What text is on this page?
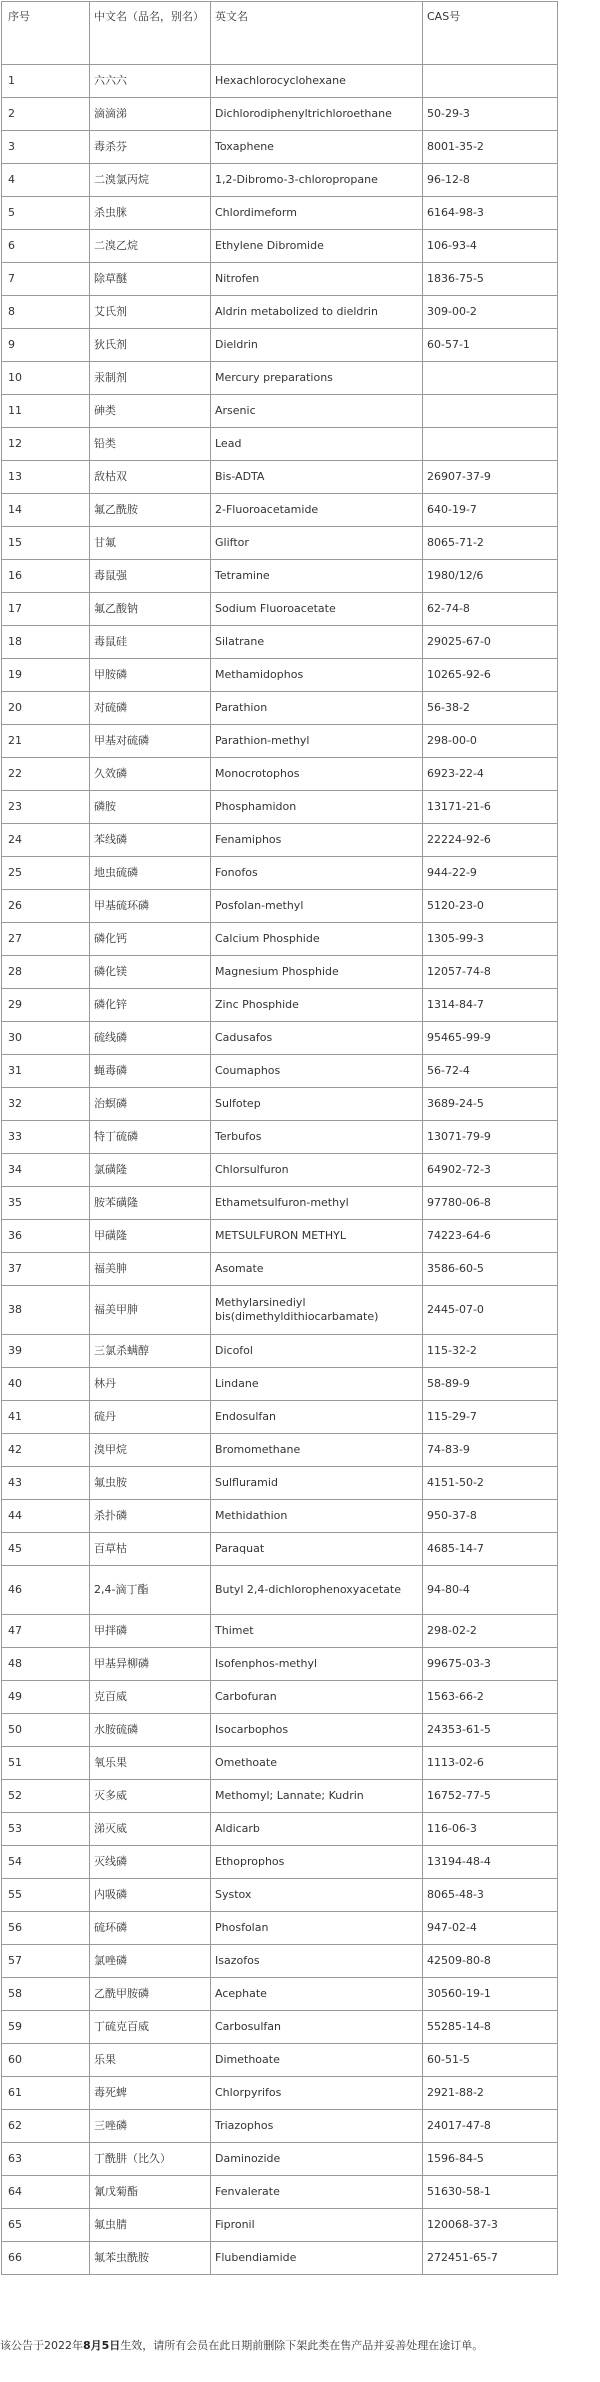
序号	中文名（品名，别名）	英文名	CAS号
1	六六六	Hexachlorocyclohexane	
2	滴滴涕	Dichlorodiphenyltrichloroethane	50-29-3
3	毒杀芬	Toxaphene	8001-35-2
4	二溴氯丙烷	1,2-Dibromo-3-chloropropane	96-12-8
5	杀虫脒	Chlordimeform	6164-98-3
6	二溴乙烷	Ethylene Dibromide	106-93-4
7	除草醚	Nitrofen	1836-75-5
8	艾氏剂	Aldrin metabolized to dieldrin	309-00-2
9	狄氏剂	Dieldrin	60-57-1
10	汞制剂	Mercury preparations	
11	砷类	Arsenic	
12	铅类	Lead	
13	敌枯双	Bis-ADTA	26907-37-9
14	氟乙酰胺	2-Fluoroacetamide	640-19-7
15	甘氟	Glifto​r	8065-71-2
16	毒鼠强	Tetramine	1980/12/6
17	氟乙酸钠	Sodium Fluoroacetate	62-74-8
18	毒鼠硅	Silatrane	29025-67-0
19	甲胺磷	Methamidophos	10265-92-6
20	对硫磷	Parathion	56-38-2
21	甲基对硫磷	Parathion-methyl	298-00-0
22	久效磷	Monocrotophos	6923-22-4
23	磷胺	Phosphamidon	13171-21-6
24	苯线磷	Fenamiphos	22224-92-6
25	地虫硫磷	Fonofos	944-22-9
26	甲基硫环磷	Posfolan-methyl	5120-23-0
27	磷化钙	Calcium Phosphide	1305-99-3
28	磷化镁	Magnesium Phosphide	12057-74-8
29	磷化锌	Zinc Phosphide	1314-84-7
30	硫线磷	Cadusafos	95465-99-9
31	蝇毒磷	Coumaphos	56-72-4
32	治螟磷	Sulfotep	3689-24-5
33	特丁硫磷	Terbufos	13071-79-9
34	氯磺隆	Chlorsulfuron	64902-72-3
35	胺苯磺隆	Ethametsulfuron-methyl	97780-06-8
36	甲磺隆	METSULFURON METHYL	74223-64-6
37	福美胂	Asomate	3586-60-5
38	福美甲胂	Methylarsinediyl bis(dimethyldithiocarbamate)	2445-07-0
39	三氯杀螨醇	Dicofol	115-32-2
40	林丹	Lindane	58-89-9
41	硫丹	Endosulfan	115-29-7
42	溴甲烷	Bromomethane	74-83-9
43	氟虫胺	Sulfluramid	4151-50-2
44	杀扑磷	Methidathion	950-37-8
45	百草枯	Paraquat	4685-14-7
46	2,4-滴丁酯	Butyl 2,4-dichlorophenoxyacetate	94-80-4
47	甲拌磷	Thimet	298-02-2
48	甲基异柳磷	Isofenphos-methyl	99675-03-3
49	克百威	Carbofuran	1563-66-2
50	水胺硫磷	Isocarbophos	24353-61-5
51	氧乐果	Omethoate	1113-02-6
52	灭多威	Methomyl; Lannate; Kudrin	16752-77-5
53	涕灭威	Aldicarb	116-06-3
54	灭线磷	Ethoprophos	13194-48-4
55	内吸磷	Systox	8065-48-3
56	硫环磷	Phosfolan	947-02-4
57	氯唑磷	Isazofos	42509-80-8
58	乙酰甲胺磷	Acephate	30560-19-1
59	丁硫克百威	Carbosulfan	55285-14-8
60	乐果	Dimethoate	60-51-5
61	毒死蜱	Chlorpyrifos	2921-88-2
62	三唑磷	Triazophos	24017-47-8
63	丁酰肼（比久）	Daminozide	1596-84-5
64	氰戊菊酯	Fenvalerate	51630-58-1
65	氟虫腈	Fipronil	120068-37-3
66	氟苯虫酰胺	Flubendiamide	272451-65-7
该公告于2022年8月5日生效，请所有会员在此日期前删除下架此类在售产品并妥善处理在途订单。
